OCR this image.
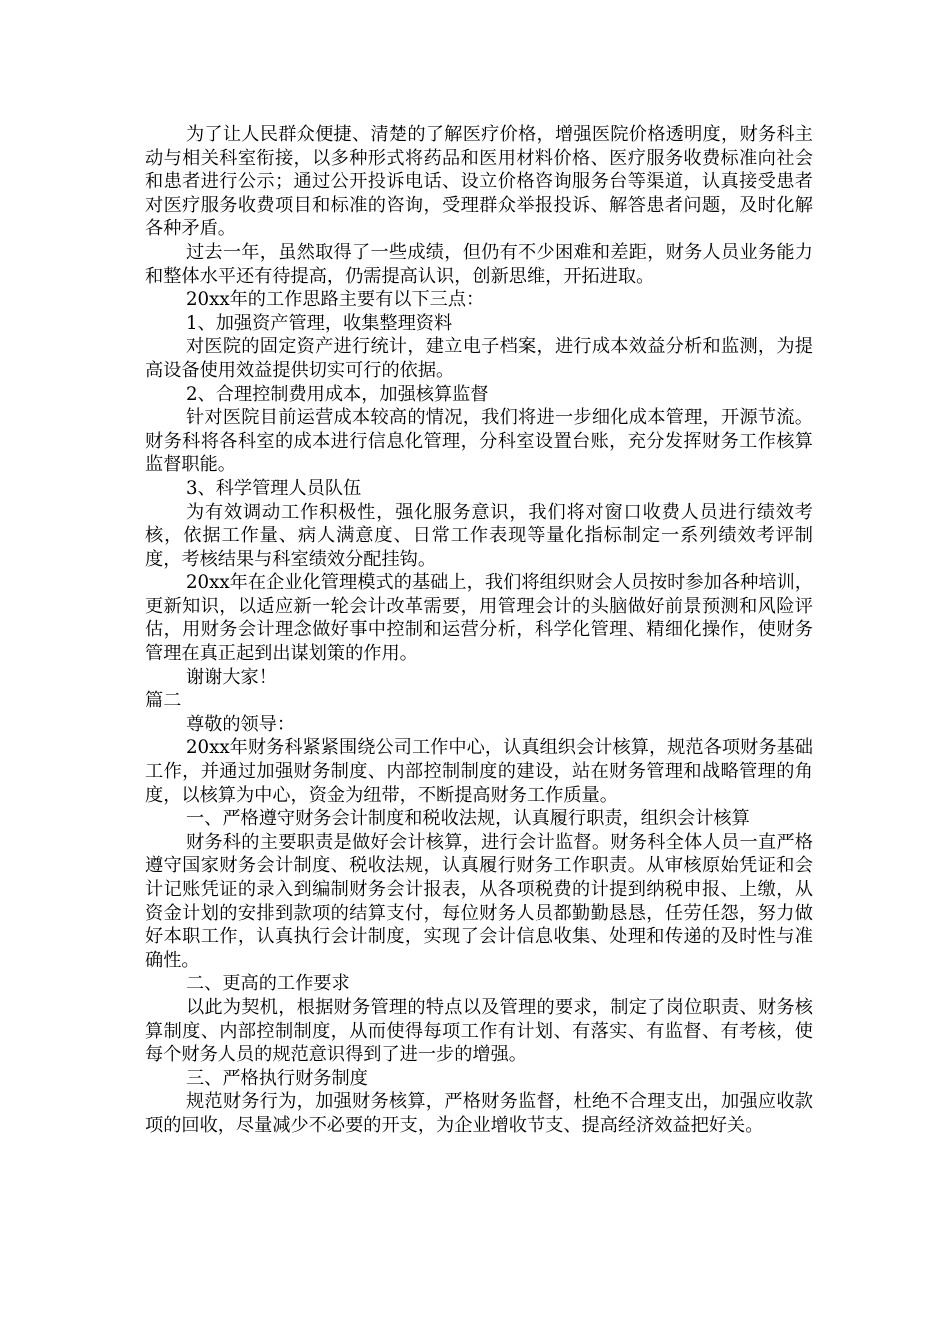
为了让人民群众便捷、清楚的了解医疗价格，增强医院价格透明度，财务科主动与相关科室衔接，以多种形式将药品和医用材料价格、医疗服务收费标准向社会和患者进行公示；通过公开投诉电话、设立价格咨询服务台等渠道，认真接受患者对医疗服务收费项目和标准的咨询，受理群众举报投诉、解答患者问题，及时化解各种矛盾。

过去一年，虽然取得了一些成绩，但仍有不少困难和差距，财务人员业务能力和整体水平还有待提高，仍需提高认识，创新思维，开拓进取。

20xx年的工作思路主要有以下三点：

1、加强资产管理，收集整理资料

对医院的固定资产进行统计，建立电子档案，进行成本效益分析和监测，为提高设备使用效益提供切实可行的依据。

2、合理控制费用成本，加强核算监督

针对医院目前运营成本较高的情况，我们将进一步细化成本管理，开源节流。财务科将各科室的成本进行信息化管理，分科室设置台账，充分发挥财务工作核算监督职能。

3、科学管理人员队伍

为有效调动工作积极性，强化服务意识，我们将对窗口收费人员进行绩效考核，依据工作量、病人满意度、日常工作表现等量化指标制定一系列绩效考评制度，考核结果与科室绩效分配挂钩。

20xx年在企业化管理模式的基础上，我们将组织财会人员按时参加各种培训，更新知识，以适应新一轮会计改革需要，用管理会计的头脑做好前景预测和风险评估，用财务会计理念做好事中控制和运营分析，科学化管理、精细化操作，使财务管理在真正起到出谋划策的作用。

谢谢大家！

篇二

尊敬的领导：

20xx年财务科紧紧围绕公司工作中心，认真组织会计核算，规范各项财务基础工作，并通过加强财务制度、内部控制制度的建设，站在财务管理和战略管理的角度，以核算为中心，资金为纽带，不断提高财务工作质量。

一、严格遵守财务会计制度和税收法规，认真履行职责，组织会计核算

财务科的主要职责是做好会计核算，进行会计监督。财务科全体人员一直严格遵守国家财务会计制度、税收法规，认真履行财务工作职责。从审核原始凭证和会计记账凭证的录入到编制财务会计报表，从各项税费的计提到纳税申报、上缴，从资金计划的安排到款项的结算支付，每位财务人员都勤勤恳恳，任劳任怨，努力做好本职工作，认真执行会计制度，实现了会计信息收集、处理和传递的及时性与准确性。

二、更高的工作要求

以此为契机，根据财务管理的特点以及管理的要求，制定了岗位职责、财务核算制度、内部控制制度，从而使得每项工作有计划、有落实、有监督、有考核，使每个财务人员的规范意识得到了进一步的增强。

三、严格执行财务制度

规范财务行为，加强财务核算，严格财务监督，杜绝不合理支出，加强应收款项的回收，尽量减少不必要的开支，为企业增收节支、提高经济效益把好关。
